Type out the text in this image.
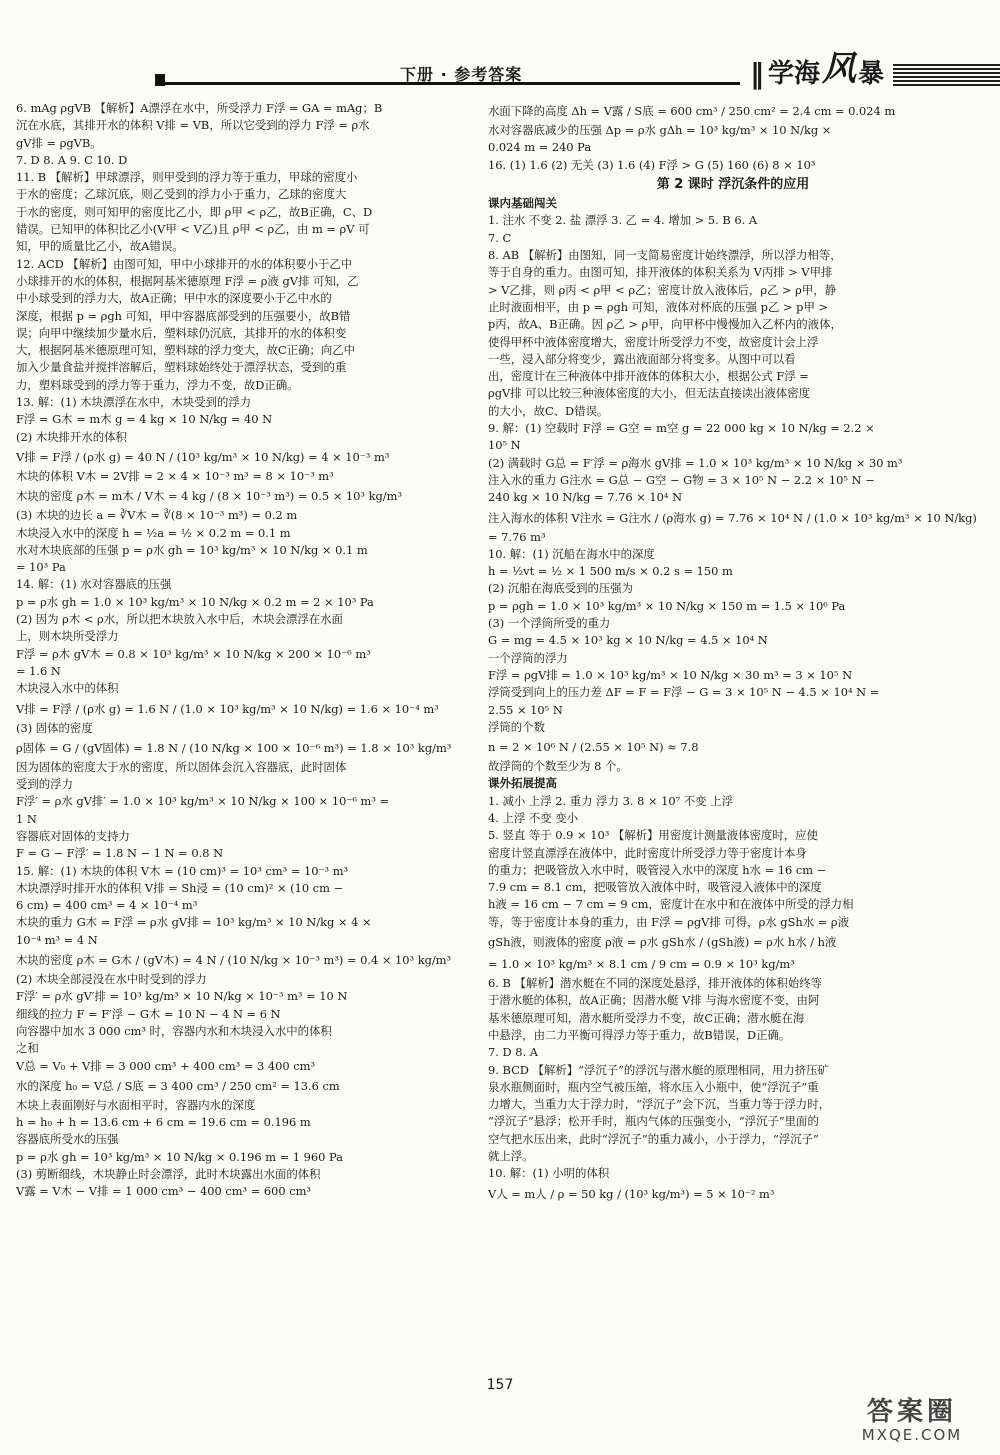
下册 · 参考答案	‖ 学海 风 暴
6. mAg ρgVB 【解析】A漂浮在水中，所受浮力 F浮 = GA = mAg；B
沉在水底，其排开水的体积 V排 = VB，所以它受到的浮力 F浮 = ρ水
gV排 = ρgVB。
7. D 8. A 9. C 10. D
11. B 【解析】甲球漂浮，则甲受到的浮力等于重力，甲球的密度小
于水的密度；乙球沉底，则乙受到的浮力小于重力，乙球的密度大
于水的密度，则可知甲的密度比乙小，即 ρ甲 < ρ乙，故B正确，C、D
错误。已知甲的体积比乙小(V甲 < V乙)且 ρ甲 < ρ乙，由 m = ρV 可
知，甲的质量比乙小，故A错误。
12. ACD 【解析】由图可知，甲中小球排开的水的体积要小于乙中
小球排开的水的体积，根据阿基米德原理 F浮 = ρ液 gV排 可知，乙
中小球受到的浮力大，故A正确；甲中水的深度要小于乙中水的
深度，根据 p = ρgh 可知，甲中容器底部受到的压强要小，故B错
误；向甲中继续加少量水后，塑料球仍沉底，其排开的水的体积变
大，根据阿基米德原理可知，塑料球的浮力变大，故C正确；向乙中
加入少量食盐并搅拌溶解后，塑料球始终处于漂浮状态，受到的重
力，塑料球受到的浮力等于重力，浮力不变，故D正确。
13. 解：(1) 木块漂浮在水中，木块受到的浮力
F浮 = G木 = m木 g = 4 kg × 10 N/kg = 40 N
(2) 木块排开水的体积
V排 = F浮 / (ρ水 g) = 40 N / (10³ kg/m³ × 10 N/kg) = 4 × 10⁻³ m³
木块的体积 V木 = 2V排 = 2 × 4 × 10⁻³ m³ = 8 × 10⁻³ m³
木块的密度 ρ木 = m木 / V木 = 4 kg / (8 × 10⁻³ m³) = 0.5 × 10³ kg/m³
(3) 木块的边长 a = ∛V木 = ∛(8 × 10⁻³ m³) = 0.2 m
木块浸入水中的深度 h = ½a = ½ × 0.2 m = 0.1 m
水对木块底部的压强 p = ρ水 gh = 10³ kg/m³ × 10 N/kg × 0.1 m
= 10³ Pa
14. 解：(1) 水对容器底的压强
p = ρ水 gh = 1.0 × 10³ kg/m³ × 10 N/kg × 0.2 m = 2 × 10³ Pa
(2) 因为 ρ木 < ρ水，所以把木块放入水中后，木块会漂浮在水面
上，则木块所受浮力
F浮 = ρ木 gV木 = 0.8 × 10³ kg/m³ × 10 N/kg × 200 × 10⁻⁶ m³
= 1.6 N
木块浸入水中的体积
V排 = F浮 / (ρ水 g) = 1.6 N / (1.0 × 10³ kg/m³ × 10 N/kg) = 1.6 × 10⁻⁴ m³
(3) 固体的密度
ρ固体 = G / (gV固体) = 1.8 N / (10 N/kg × 100 × 10⁻⁶ m³) = 1.8 × 10³ kg/m³
因为固体的密度大于水的密度，所以固体会沉入容器底，此时固体
受到的浮力
F浮′ = ρ水 gV排′ = 1.0 × 10³ kg/m³ × 10 N/kg × 100 × 10⁻⁶ m³ =
1 N
容器底对固体的支持力
F = G − F浮′ = 1.8 N − 1 N = 0.8 N
15. 解：(1) 木块的体积 V木 = (10 cm)³ = 10³ cm³ = 10⁻³ m³
木块漂浮时排开水的体积 V排 = Sh浸 = (10 cm)² × (10 cm −
6 cm) = 400 cm³ = 4 × 10⁻⁴ m³
木块的重力 G木 = F浮 = ρ水 gV排 = 10³ kg/m³ × 10 N/kg × 4 ×
10⁻⁴ m³ = 4 N
木块的密度 ρ木 = G木 / (gV木) = 4 N / (10 N/kg × 10⁻³ m³) = 0.4 × 10³ kg/m³
(2) 木块全部浸没在水中时受到的浮力
F浮′ = ρ水 gV′排 = 10³ kg/m³ × 10 N/kg × 10⁻³ m³ = 10 N
细线的拉力 F = F′浮 − G木 = 10 N − 4 N = 6 N
向容器中加水 3 000 cm³ 时，容器内水和木块浸入水中的体积
之和
V总 = V₀ + V排 = 3 000 cm³ + 400 cm³ = 3 400 cm³
水的深度 h₀ = V总 / S底 = 3 400 cm³ / 250 cm² = 13.6 cm
木块上表面刚好与水面相平时，容器内水的深度
h = h₀ + h = 13.6 cm + 6 cm = 19.6 cm = 0.196 m
容器底所受水的压强
p = ρ水 gh = 10³ kg/m³ × 10 N/kg × 0.196 m = 1 960 Pa
(3) 剪断细线，木块静止时会漂浮，此时木块露出水面的体积
V露 = V木 − V排 = 1 000 cm³ − 400 cm³ = 600 cm³
水面下降的高度 Δh = V露 / S底 = 600 cm³ / 250 cm² = 2.4 cm = 0.024 m
水对容器底减少的压强 Δp = ρ水 gΔh = 10³ kg/m³ × 10 N/kg ×
0.024 m = 240 Pa
16. (1) 1.6 (2) 无关 (3) 1.6 (4) F浮 > G (5) 160 (6) 8 × 10³
第 2 课时 浮沉条件的应用
课内基础闯关
1. 注水 不变 2. 盐 漂浮 3. 乙 = 4. 增加 > 5. B 6. A
7. C
8. AB 【解析】由图知，同一支简易密度计始终漂浮，所以浮力相等，
等于自身的重力。由图可知，排开液体的体积关系为 V丙排 > V甲排
> V乙排，则 ρ丙 < ρ甲 < ρ乙；密度计放入液体后，ρ乙 > ρ甲，静
止时液面相平，由 p = ρgh 可知，液体对杯底的压强 p乙 > p甲 >
p丙，故A、B正确。因 ρ乙 > ρ甲，向甲杯中慢慢加入乙杯内的液体，
使得甲杯中液体密度增大，密度计所受浮力不变，故密度计会上浮
一些，浸入部分将变少，露出液面部分将变多。从图中可以看
出，密度计在三种液体中排开液体的体积大小，根据公式 F浮 =
ρgV排 可以比较三种液体密度的大小，但无法直接读出液体密度
的大小，故C、D错误。
9. 解：(1) 空载时 F浮 = G空 = m空 g = 22 000 kg × 10 N/kg = 2.2 ×
10⁵ N
(2) 满载时 G总 = F′浮 = ρ海水 gV排 = 1.0 × 10³ kg/m³ × 10 N/kg × 30 m³
注入水的重力 G注水 = G总 − G空 − G物 = 3 × 10⁵ N − 2.2 × 10⁵ N −
240 kg × 10 N/kg = 7.76 × 10⁴ N
注入海水的体积 V注水 = G注水 / (ρ海水 g) = 7.76 × 10⁴ N / (1.0 × 10³ kg/m³ × 10 N/kg)
= 7.76 m³
10. 解：(1) 沉船在海水中的深度
h = ½vt = ½ × 1 500 m/s × 0.2 s = 150 m
(2) 沉船在海底受到的压强为
p = ρgh = 1.0 × 10³ kg/m³ × 10 N/kg × 150 m = 1.5 × 10⁶ Pa
(3) 一个浮筒所受的重力
G = mg = 4.5 × 10³ kg × 10 N/kg = 4.5 × 10⁴ N
一个浮筒的浮力
F浮 = ρgV排 = 1.0 × 10³ kg/m³ × 10 N/kg × 30 m³ = 3 × 10⁵ N
浮筒受到向上的压力差 ΔF = F = F浮 − G = 3 × 10⁵ N − 4.5 × 10⁴ N =
2.55 × 10⁵ N
浮筒的个数
n = 2 × 10⁶ N / (2.55 × 10⁵ N) ≈ 7.8
故浮筒的个数至少为 8 个。
课外拓展提高
1. 减小 上浮 2. 重力 浮力 3. 8 × 10⁷ 不变 上浮
4. 上浮 不变 变小
5. 竖直 等于 0.9 × 10³ 【解析】用密度计测量液体密度时，应使
密度计竖直漂浮在液体中，此时密度计所受浮力等于密度计本身
的重力；把吸管放入水中时，吸管浸入水中的深度 h水 = 16 cm −
7.9 cm = 8.1 cm，把吸管放入液体中时，吸管浸入液体中的深度
h液 = 16 cm − 7 cm = 9 cm，密度计在水中和在液体中所受的浮力相
等，等于密度计本身的重力，由 F浮 = ρgV排 可得，ρ水 gSh水 = ρ液
gSh液，则液体的密度 ρ液 = ρ水 gSh水 / (gSh液) = ρ水 h水 / h液
= 1.0 × 10³ kg/m³ × 8.1 cm / 9 cm = 0.9 × 10³ kg/m³
6. B 【解析】潜水艇在不同的深度处悬浮，排开液体的体积始终等
于潜水艇的体积，故A正确；因潜水艇 V排 与海水密度不变，由阿
基米德原理可知，潜水艇所受浮力不变，故C正确；潜水艇在海
中悬浮，由二力平衡可得浮力等于重力，故B错误，D正确。
7. D 8. A
9. BCD 【解析】“浮沉子”的浮沉与潜水艇的原理相同，用力挤压矿
泉水瓶侧面时，瓶内空气被压缩，将水压入小瓶中，使“浮沉子”重
力增大，当重力大于浮力时，“浮沉子”会下沉，当重力等于浮力时，
“浮沉子”悬浮；松开手时，瓶内气体的压强变小，“浮沉子”里面的
空气把水压出来，此时“浮沉子”的重力减小，小于浮力，“浮沉子”
就上浮。
10. 解：(1) 小明的体积
V人 = m人 / ρ = 50 kg / (10³ kg/m³) = 5 × 10⁻² m³
157
答案圈
MXQE.COM
